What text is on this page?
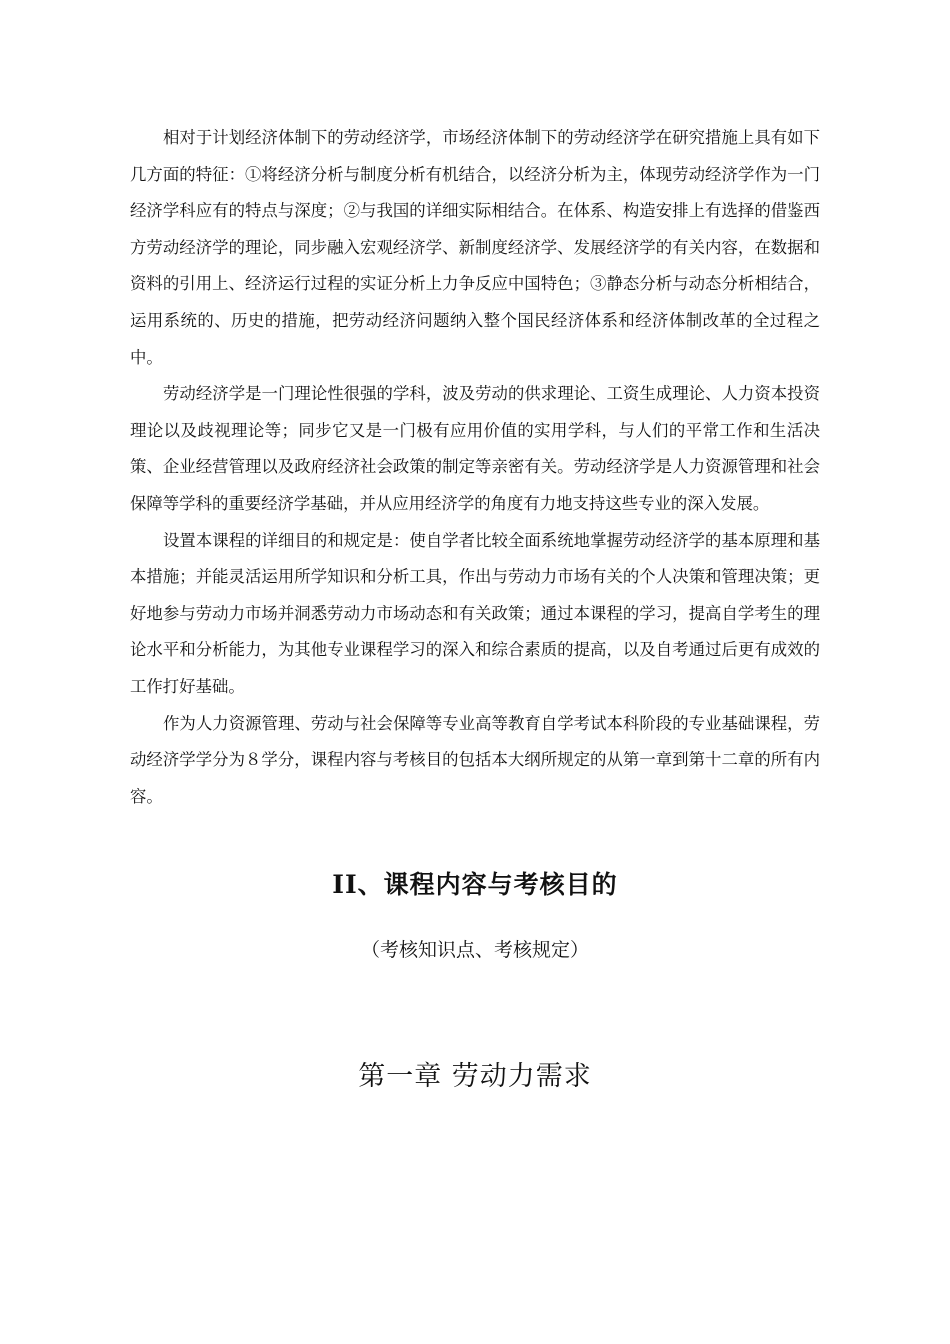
相对于计划经济体制下的劳动经济学，市场经济体制下的劳动经济学在研究措施上具有如下几方面的特征：①将经济分析与制度分析有机结合，以经济分析为主，体现劳动经济学作为一门经济学科应有的特点与深度；②与我国的详细实际相结合。在体系、构造安排上有选择的借鉴西方劳动经济学的理论，同步融入宏观经济学、新制度经济学、发展经济学的有关内容，在数据和资料的引用上、经济运行过程的实证分析上力争反应中国特色；③静态分析与动态分析相结合，运用系统的、历史的措施，把劳动经济问题纳入整个国民经济体系和经济体制改革的全过程之中。

劳动经济学是一门理论性很强的学科，波及劳动的供求理论、工资生成理论、人力资本投资理论以及歧视理论等；同步它又是一门极有应用价值的实用学科，与人们的平常工作和生活决策、企业经营管理以及政府经济社会政策的制定等亲密有关。劳动经济学是人力资源管理和社会保障等学科的重要经济学基础，并从应用经济学的角度有力地支持这些专业的深入发展。

设置本课程的详细目的和规定是：使自学者比较全面系统地掌握劳动经济学的基本原理和基本措施；并能灵活运用所学知识和分析工具，作出与劳动力市场有关的个人决策和管理决策；更好地参与劳动力市场并洞悉劳动力市场动态和有关政策；通过本课程的学习，提高自学考生的理论水平和分析能力，为其他专业课程学习的深入和综合素质的提高，以及自考通过后更有成效的工作打好基础。

作为人力资源管理、劳动与社会保障等专业高等教育自学考试本科阶段的专业基础课程，劳动经济学学分为８学分，课程内容与考核目的包括本大纲所规定的从第一章到第十二章的所有内容。

II、课程内容与考核目的
（考核知识点、考核规定）
第一章 劳动力需求
